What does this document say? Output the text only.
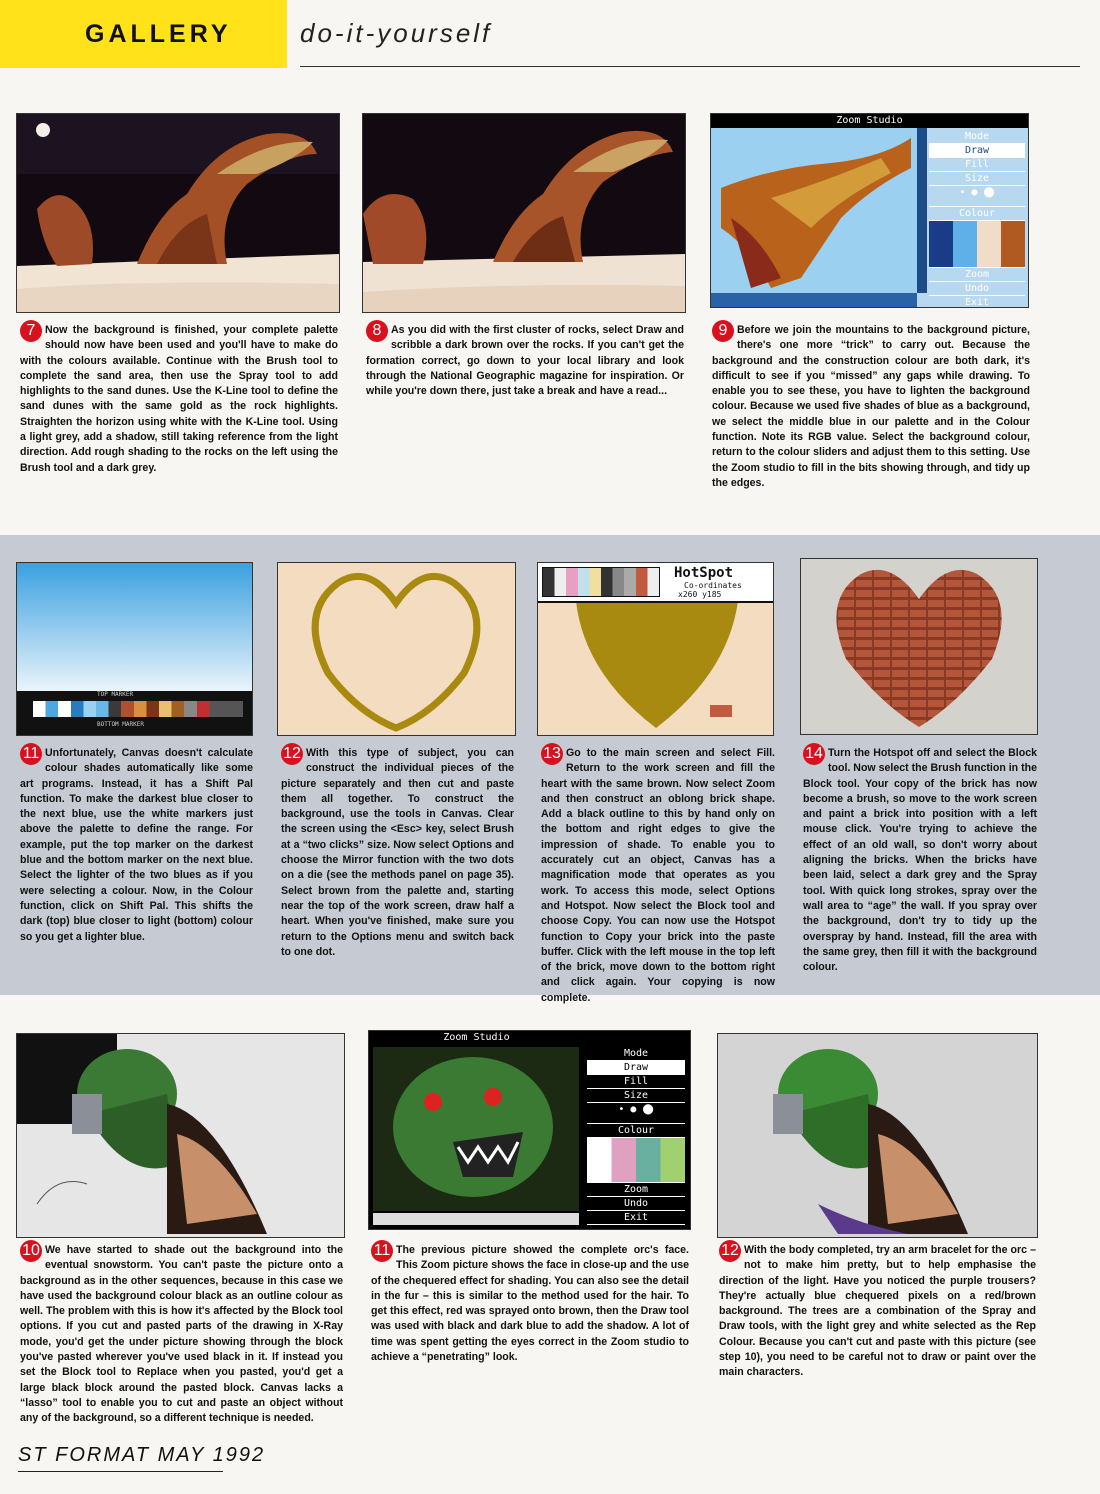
GALLERY	do-it-yourself
Zoom Studio
Mode
Draw
Fill
Size
• ● ⬤
Colour
Zoom
Undo
Exit
7 Now the background is finished, your complete palette should now have been used and you'll have to make do with the colours available. Continue with the Brush tool to complete the sand area, then use the Spray tool to add highlights to the sand dunes. Use the K-Line tool to define the sand dunes with the same gold as the rock highlights. Straighten the horizon using white with the K-Line tool. Using a light grey, add a shadow, still taking reference from the light direction. Add rough shading to the rocks on the left using the Brush tool and a dark grey.
8 As you did with the first cluster of rocks, select Draw and scribble a dark brown over the rocks. If you can't get the formation correct, go down to your local library and look through the National Geographic magazine for inspiration. Or while you're down there, just take a break and have a read...
9 Before we join the mountains to the background picture, there's one more “trick” to carry out. Because the background and the construction colour are both dark, it's difficult to see if you “missed” any gaps while drawing. To enable you to see these, you have to lighten the background colour. Because we used five shades of blue as a background, we select the middle blue in our palette and in the Colour function. Note its RGB value. Select the background colour, return to the colour sliders and adjust them to this setting. Use the Zoom studio to fill in the bits showing through, and tidy up the edges.
TOP MARKER
BOTTOM MARKER
HotSpot
Co-ordinates
x260 y185
11 Unfortunately, Canvas doesn't calculate colour shades automatically like some art programs. Instead, it has a Shift Pal function. To make the darkest blue closer to the next blue, use the white markers just above the palette to define the range. For example, put the top marker on the darkest blue and the bottom marker on the next blue. Select the lighter of the two blues as if you were selecting a colour. Now, in the Colour function, click on Shift Pal. This shifts the dark (top) blue closer to light (bottom) colour so you get a lighter blue.
12 With this type of subject, you can construct the individual pieces of the picture separately and then cut and paste them all together. To construct the background, use the tools in Canvas. Clear the screen using the <Esc> key, select Brush at a “two clicks” size. Now select Options and choose the Mirror function with the two dots on a die (see the methods panel on page 35). Select brown from the palette and, starting near the top of the work screen, draw half a heart. When you've finished, make sure you return to the Options menu and switch back to one dot.
13 Go to the main screen and select Fill. Return to the work screen and fill the heart with the same brown. Now select Zoom and then construct an oblong brick shape. Add a black outline to this by hand only on the bottom and right edges to give the impression of shade. To enable you to accurately cut an object, Canvas has a magnification mode that operates as you work. To access this mode, select Options and Hotspot. Now select the Block tool and choose Copy. You can now use the Hotspot function to Copy your brick into the paste buffer. Click with the left mouse in the top left of the brick, move down to the bottom right and click again. Your copying is now complete.
14 Turn the Hotspot off and select the Block tool. Now select the Brush function in the Block tool. Your copy of the brick has now become a brush, so move to the work screen and paint a brick into position with a left mouse click. You're trying to achieve the effect of an old wall, so don't worry about aligning the bricks. When the bricks have been laid, select a dark grey and the Spray tool. With quick long strokes, spray over the wall area to “age” the wall. If you spray over the background, don't try to tidy up the overspray by hand. Instead, fill the area with the same grey, then fill it with the background colour.
Zoom Studio
Mode
Draw
Fill
Size
• ● ⬤
Colour
Zoom
Undo
Exit
10 We have started to shade out the background into the eventual snowstorm. You can't paste the picture onto a background as in the other sequences, because in this case we have used the background colour black as an outline colour as well. The problem with this is how it's affected by the Block tool options. If you cut and pasted parts of the drawing in X-Ray mode, you'd get the under picture showing through the block you've pasted wherever you've used black in it. If instead you set the Block tool to Replace when you pasted, you'd get a large black block around the pasted block. Canvas lacks a “lasso” tool to enable you to cut and paste an object without any of the background, so a different technique is needed.
11 The previous picture showed the complete orc's face. This Zoom picture shows the face in close-up and the use of the chequered effect for shading. You can also see the detail in the fur – this is similar to the method used for the hair. To get this effect, red was sprayed onto brown, then the Draw tool was used with black and dark blue to add the shadow. A lot of time was spent getting the eyes correct in the Zoom studio to achieve a “penetrating” look.
12 With the body completed, try an arm bracelet for the orc – not to make him pretty, but to help emphasise the direction of the light. Have you noticed the purple trousers? They're actually blue chequered pixels on a red/brown background. The trees are a combination of the Spray and Draw tools, with the light grey and white selected as the Rep Colour. Because you can't cut and paste with this picture (see step 10), you need to be careful not to draw or paint over the main characters.
ST FORMAT MAY 1992
